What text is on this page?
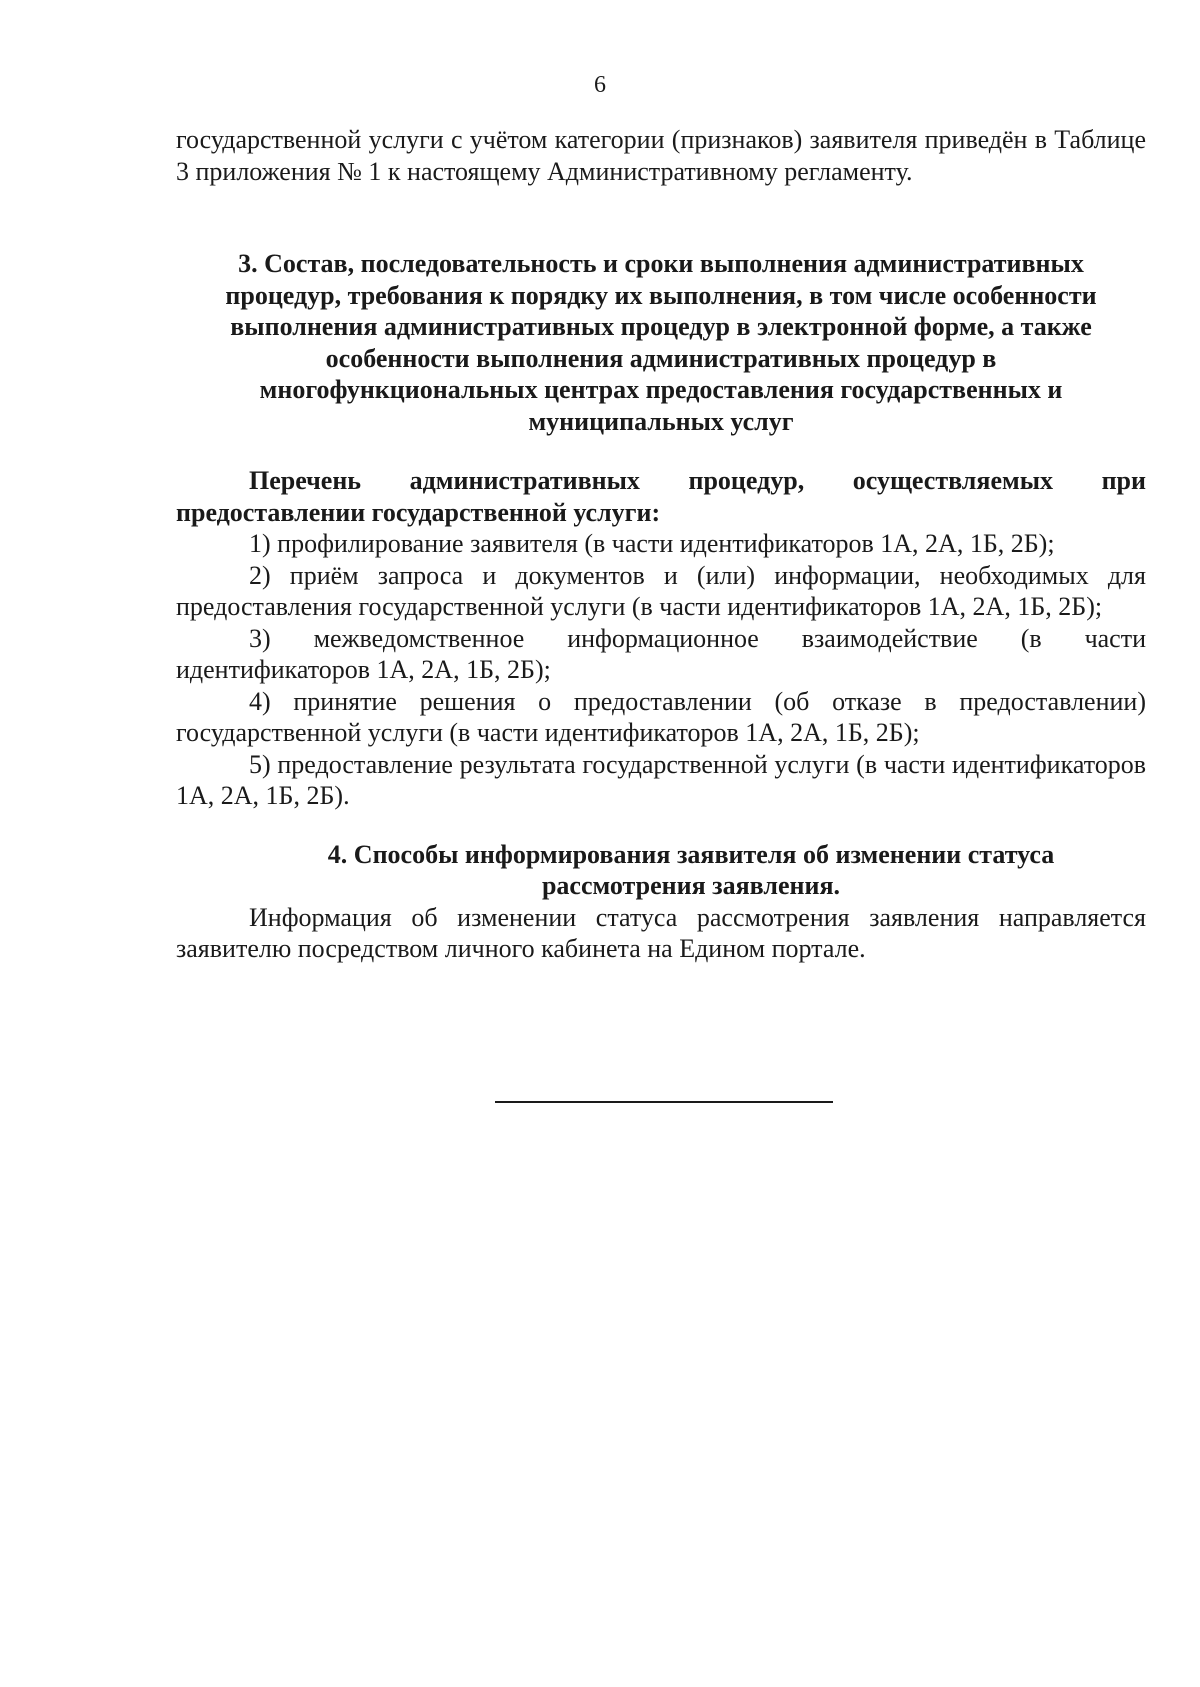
6

государственной услуги с учётом категории (признаков) заявителя приведён в Таблице 3 приложения № 1 к настоящему Административному регламенту.

3. Состав, последовательность и сроки выполнения административных процедур, требования к порядку их выполнения, в том числе особенности выполнения административных процедур в электронной форме, а также особенности выполнения административных процедур в многофункциональных центрах предоставления государственных и муниципальных услуг

Перечень административных процедур, осуществляемых при
предоставлении государственной услуги:

1) профилирование заявителя (в части идентификаторов 1А, 2А, 1Б, 2Б);

2) приём запроса и документов и (или) информации, необходимых для предоставления государственной услуги (в части идентификаторов 1А, 2А, 1Б, 2Б);

3) межведомственное информационное взаимодействие (в части идентификаторов 1А, 2А, 1Б, 2Б);

4) принятие решения о предоставлении (об отказе в предоставлении) государственной услуги (в части идентификаторов 1А, 2А, 1Б, 2Б);

5) предоставление результата государственной услуги (в части идентификаторов 1А, 2А, 1Б, 2Б).

4. Способы информирования заявителя об изменении статуса рассмотрения заявления.

Информация об изменении статуса рассмотрения заявления направляется заявителю посредством личного кабинета на Едином портале.
